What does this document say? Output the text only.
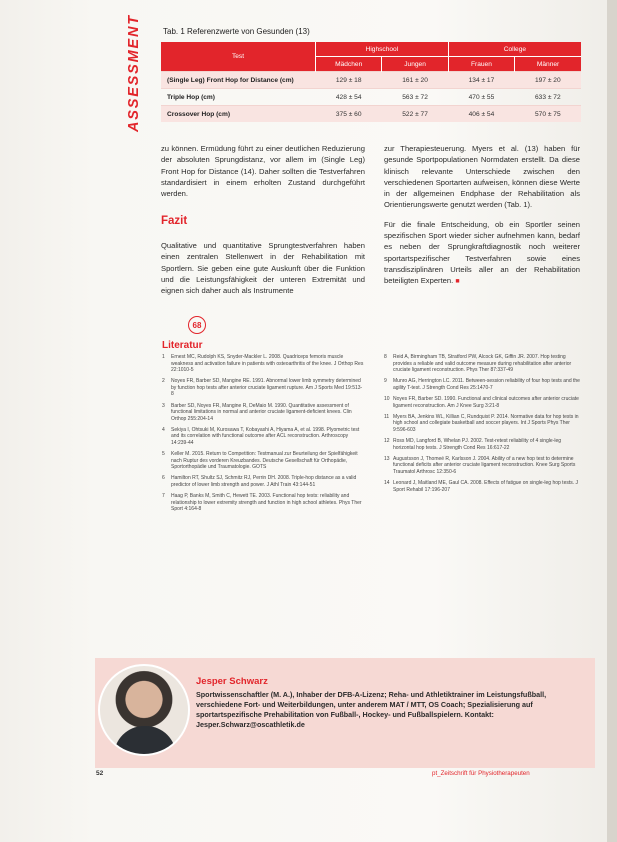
ASSESSMENT	Tab. 1 Referenzwerte von Gesunden (13)
Test	Highschool		College	
	Mädchen	Jungen	Frauen	Männer
(Single Leg) Front Hop for Distance (cm)	129 ± 18	161 ± 20	134 ± 17	197 ± 20
Triple Hop (cm)	428 ± 54	563 ± 72	470 ± 55	633 ± 72
Crossover Hop (cm)	375 ± 60	522 ± 77	406 ± 54	570 ± 75

zu können. Ermüdung führt zu einer deutlichen Reduzierung der absoluten Sprungdistanz, vor allem im (Single Leg) Front Hop for Distance (14). Daher sollten die Testverfahren standardisiert in einem erholten Zustand durchgeführt werden.

Fazit

Qualitative und quantitative Sprungtestverfahren haben einen zentralen Stellenwert in der Rehabilitation mit Sportlern. Sie geben eine gute Auskunft über die Funktion und die Leistungsfähigkeit der unteren Extremität und eignen sich daher auch als Instrumente

zur Therapiesteuerung. Myers et al. (13) haben für gesunde Sportpopulationen Normdaten erstellt. Da diese klinisch relevante Unterschiede zwischen den verschiedenen Sportarten aufweisen, können diese Werte in der allgemeinen Endphase der Rehabilitation als Orientierungswerte genutzt werden (Tab. 1).

Für die finale Entscheidung, ob ein Sportler seinen spezifischen Sport wieder sicher aufnehmen kann, bedarf es neben der Sprungkraftdiagnostik noch weiterer sportartspezifischer Testverfahren sowie eines transdisziplinären Urteils aller an der Rehabilitation beteiligten Experten. ■

68
Literatur
1	Ernest MC, Rudolph KS, Snyder-Mackler L. 2008. Quadriceps femoris muscle weakness and activation failure in patients with osteoarthritis of the knee. J Orthop Res 22:1010-5
2	Noyes FR, Barber SD, Mangine RE. 1991. Abnormal lower limb symmetry determined by function hop tests after anterior cruciate ligament rupture. Am J Sports Med 19:513-8
3	Barber SD, Noyes FR, Mangine R, DeMaio M. 1990. Quantitative assessment of functional limitations in normal and anterior cruciate ligament-deficient knees. Clin Orthop 255:204-14
4	Sekiya I, Ohtsuki M, Kurosawa T, Kobayashi A, Hiyama A, et al. 1998. Plyometric test and its correlation with functional outcome after ACL reconstruction. Arthroscopy 14:239-44
5	Keller M. 2015. Return to Competition: Testmanual zur Beurteilung der Spielfähigkeit nach Ruptur des vorderen Kreuzbandes. Deutsche Gesellschaft für Orthopädie, Sportorthopädie und Traumatologie. GOTS
6	Hamilton RT, Shultz SJ, Schmitz RJ, Perrin DH. 2008. Triple-hop distance as a valid predictor of lower limb strength and power. J Athl Train 43:144-51
7	Haag P, Banks M, Smith C, Hewett TE. 2003. Functional hop tests: reliability and relationship to lower extremity strength and function in high school athletes. Phys Ther Sport 4:164-8
8	Reid A, Birmingham TB, Stratford PW, Alcock GK, Giffin JR. 2007. Hop testing provides a reliable and valid outcome measure during rehabilitation after anterior cruciate ligament reconstruction. Phys Ther 87:337-49
9	Munro AG, Herrington LC. 2011. Between-session reliability of four hop tests and the agility T-test. J Strength Cond Res 25:1470-7
10 Noyes FR, Barber SD. 1990. Functional and clinical outcomes after anterior cruciate ligament reconstruction. Am J Knee Surg 3:21-8
11 Myers BA, Jenkins WL, Killian C, Rundquist P. 2014. Normative data for hop tests in high school and collegiate basketball and soccer players. Int J Sports Phys Ther 9:596-603
12 Ross MD, Langford B, Whelan PJ. 2002. Test-retest reliability of 4 single-leg horizontal hop tests. J Strength Cond Res 16:617-22
13 Augustsson J, Thomeé R, Karlsson J. 2004. Ability of a new hop test to determine functional deficits after anterior cruciate ligament reconstruction. Knee Surg Sports Traumatol Arthrosc 12:350-6
14 Leonard J, Maitland ME, Gaul CA. 2008. Effects of fatigue on single-leg hop tests. J Sport Rehabil 17:196-207
Jesper Schwarz
Sportwissenschaftler (M. A.), Inhaber der DFB-A-Lizenz; Reha- und Athletiktrainer im Leistungsfußball, verschiedene Fort- und Weiterbildungen, unter anderem MAT / MTT, OS Coach; Spezialisierung auf sportartspezifische Prehabilitation von Fußball-, Hockey- und Fußballspielern. Kontakt: Jesper.Schwarz@oscathletik.de
52	pt_Zeitschrift für Physiotherapeuten
